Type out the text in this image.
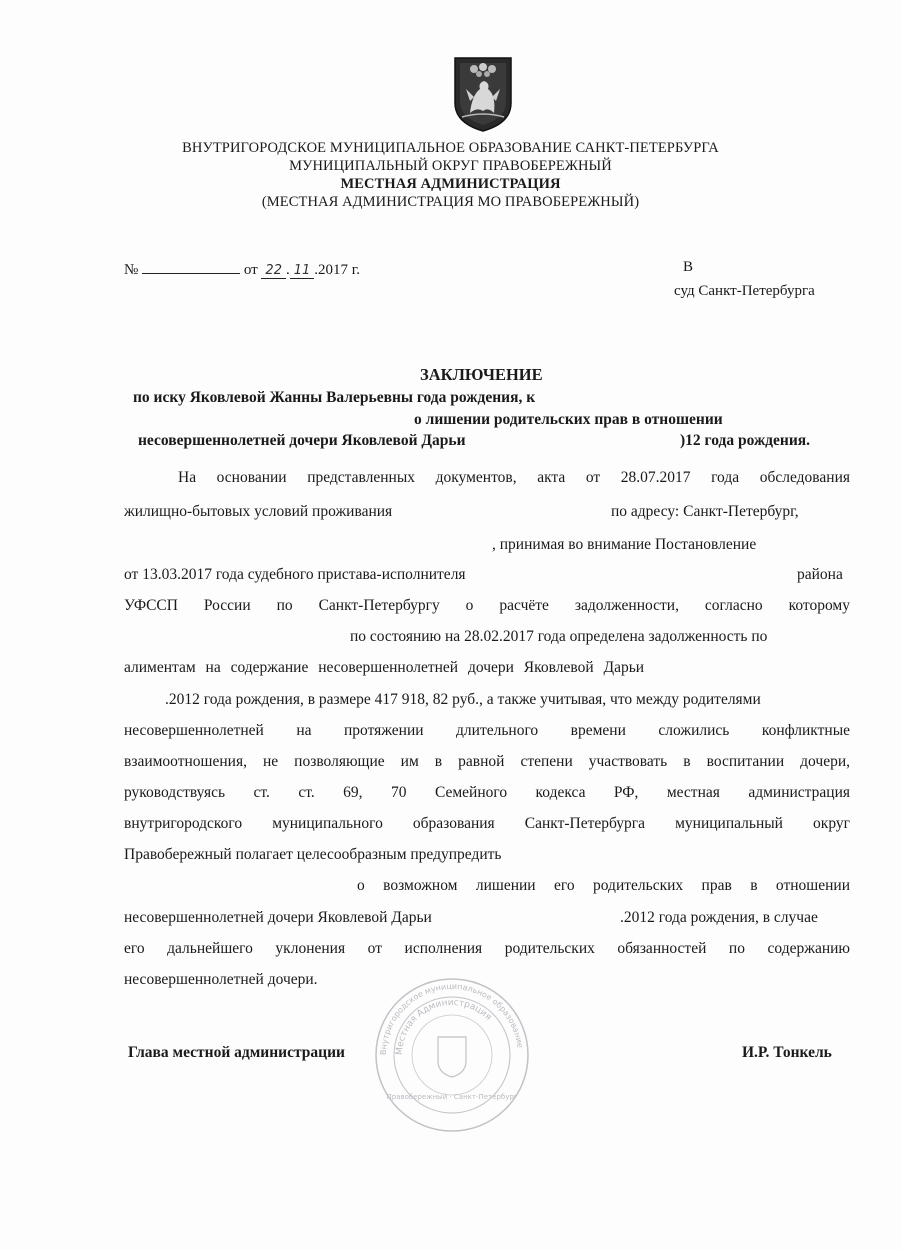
ВНУТРИГОРОДСКОЕ МУНИЦИПАЛЬНОЕ ОБРАЗОВАНИЕ САНКТ-ПЕТЕРБУРГА
МУНИЦИПАЛЬНЫЙ ОКРУГ ПРАВОБЕРЕЖНЫЙ
МЕСТНАЯ АДМИНИСТРАЦИЯ
(МЕСТНАЯ АДМИНИСТРАЦИЯ МО ПРАВОБЕРЕЖНЫЙ)
№	от 22 . 11 .2017 г.	В
суд Санкт-Петербурга
ЗАКЛЮЧЕНИЕ
по иску Яковлевой Жанны Валерьевны года рождения, к
о лишении родительских прав в отношении
несовершеннолетней дочери Яковлевой Дарьи	)12 года рождения.
На основании представленных документов, акта от 28.07.2017 года обследования
жилищно-бытовых условий проживания	по адресу: Санкт-Петербург,
, принимая во внимание Постановление
от 13.03.2017 года судебного пристава-исполнителя	района
УФССП России по Санкт-Петербургу о расчёте задолженности, согласно которому
по состоянию на 28.02.2017 года определена задолженность по
алиментам на содержание несовершеннолетней дочери Яковлевой Дарьи
.2012 года рождения, в размере 417 918, 82 руб., а также учитывая, что между родителями
несовершеннолетней на протяжении длительного времени сложились конфликтные
взаимоотношения, не позволяющие им в равной степени участвовать в воспитании дочери,
руководствуясь ст. ст. 69, 70 Семейного кодекса РФ, местная администрация
внутригородского муниципального образования Санкт-Петербурга муниципальный округ
Правобережный полагает целесообразным предупредить
о возможном лишении его родительских прав в отношении
несовершеннолетней дочери Яковлевой Дарьи	.2012 года рождения, в случае
его дальнейшего уклонения от исполнения родительских обязанностей по содержанию
несовершеннолетней дочери.
Внутригородское муниципальное образование
Местная Администрация
Правобережный · Санкт-Петербург
Глава местной администрации	И.Р. Тонкель
